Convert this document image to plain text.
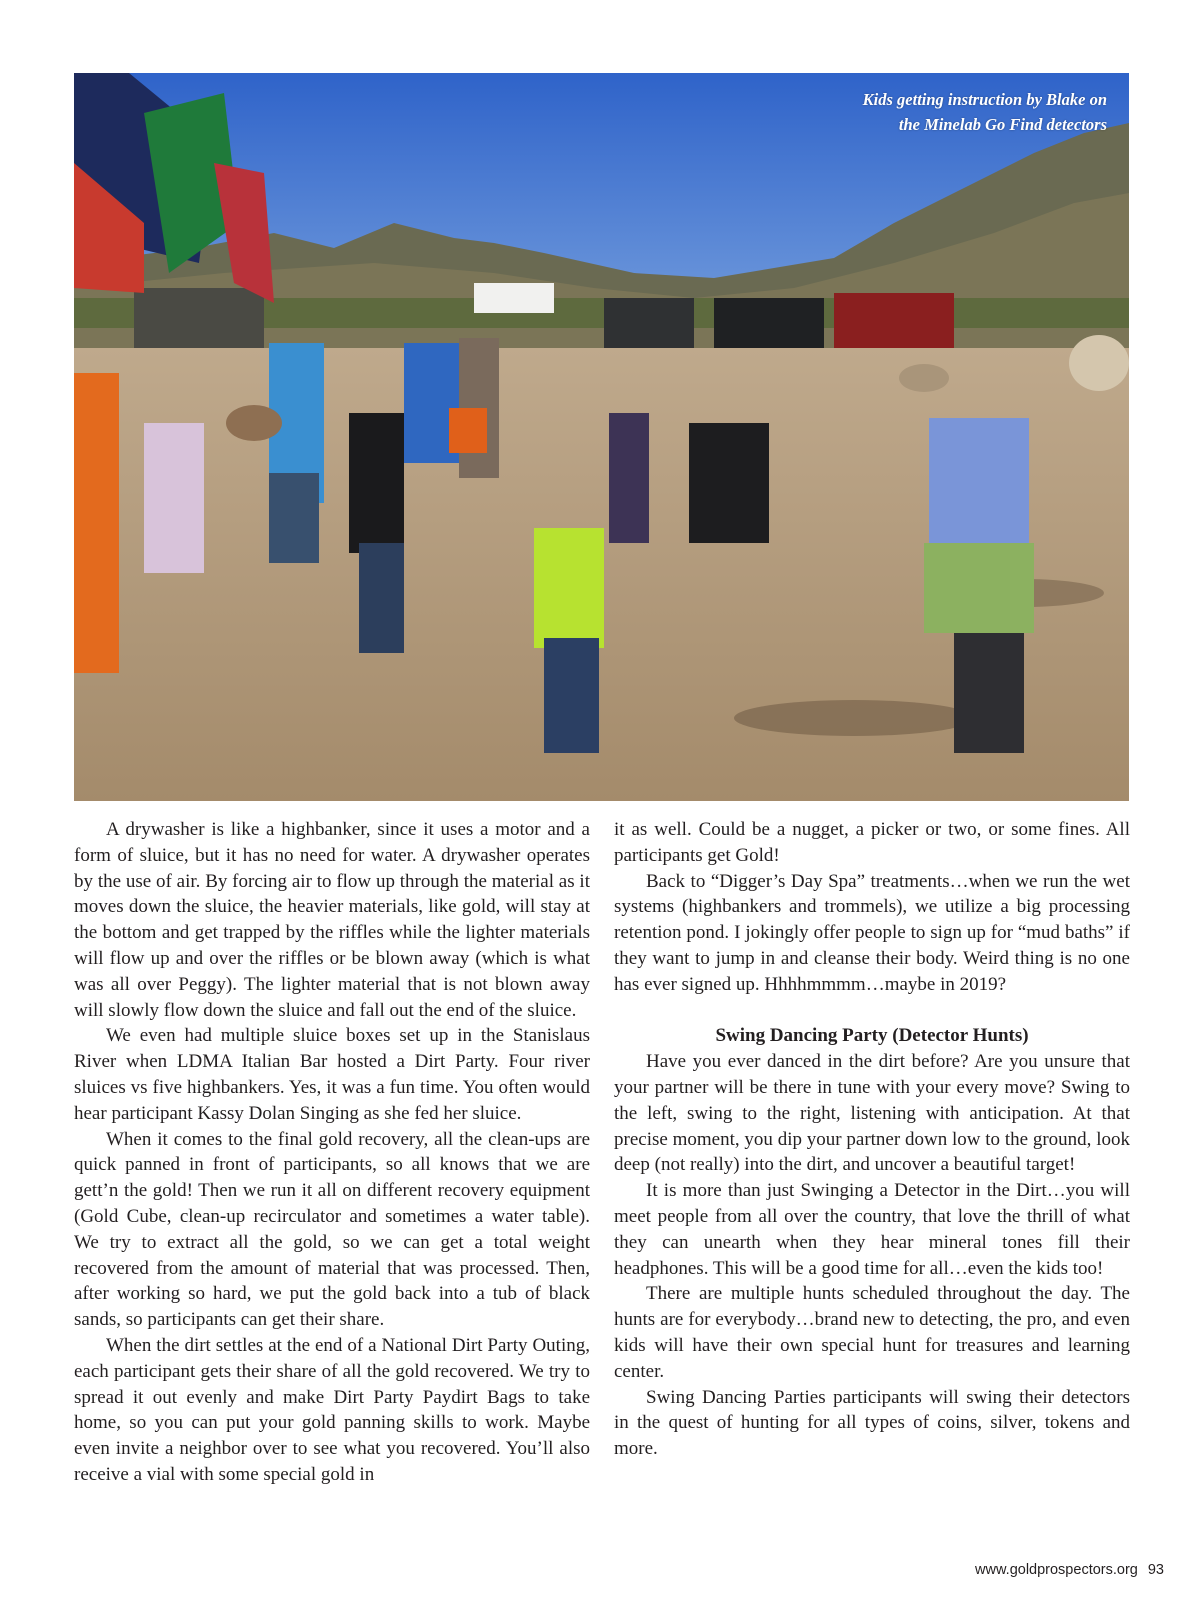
Kids getting instruction by Blake on
the Minelab Go Find detectors

A drywasher is like a highbanker, since it uses a motor and a form of sluice, but it has no need for water. A drywasher operates by the use of air. By forcing air to flow up through the material as it moves down the sluice, the heavier materials, like gold, will stay at the bottom and get trapped by the riffles while the lighter materials will flow up and over the riffles or be blown away (which is what was all over Peggy). The lighter material that is not blown away will slowly flow down the sluice and fall out the end of the sluice.

We even had multiple sluice boxes set up in the Stanislaus River when LDMA Italian Bar hosted a Dirt Party. Four river sluices vs five highbankers. Yes, it was a fun time. You often would hear participant Kassy Dolan Singing as she fed her sluice.

When it comes to the final gold recovery, all the clean-ups are quick panned in front of participants, so all knows that we are gett’n the gold! Then we run it all on different recovery equipment (Gold Cube, clean-up recirculator and sometimes a water table). We try to extract all the gold, so we can get a total weight recovered from the amount of material that was processed. Then, after working so hard, we put the gold back into a tub of black sands, so participants can get their share.

When the dirt settles at the end of a National Dirt Party Outing, each participant gets their share of all the gold recovered. We try to spread it out evenly and make Dirt Party Paydirt Bags to take home, so you can put your gold panning skills to work. Maybe even invite a neighbor over to see what you recovered. You’ll also receive a vial with some special gold in

it as well. Could be a nugget, a picker or two, or some fines. All participants get Gold!

Back to “Digger’s Day Spa” treatments…when we run the wet systems (highbankers and trommels), we utilize a big processing retention pond. I jokingly offer people to sign up for “mud baths” if they want to jump in and cleanse their body. Weird thing is no one has ever signed up. Hhhhmmmm…maybe in 2019?

Swing Dancing Party (Detector Hunts)

Have you ever danced in the dirt before? Are you unsure that your partner will be there in tune with your every move? Swing to the left, swing to the right, listening with anticipation. At that precise moment, you dip your partner down low to the ground, look deep (not really) into the dirt, and uncover a beautiful target!

It is more than just Swinging a Detector in the Dirt…you will meet people from all over the country, that love the thrill of what they can unearth when they hear mineral tones fill their headphones. This will be a good time for all…even the kids too!

There are multiple hunts scheduled throughout the day. The hunts are for everybody…brand new to detecting, the pro, and even kids will have their own special hunt for treasures and learning center.

Swing Dancing Parties participants will swing their detectors in the quest of hunting for all types of coins, silver, tokens and more.

www.goldprospectors.org 93
